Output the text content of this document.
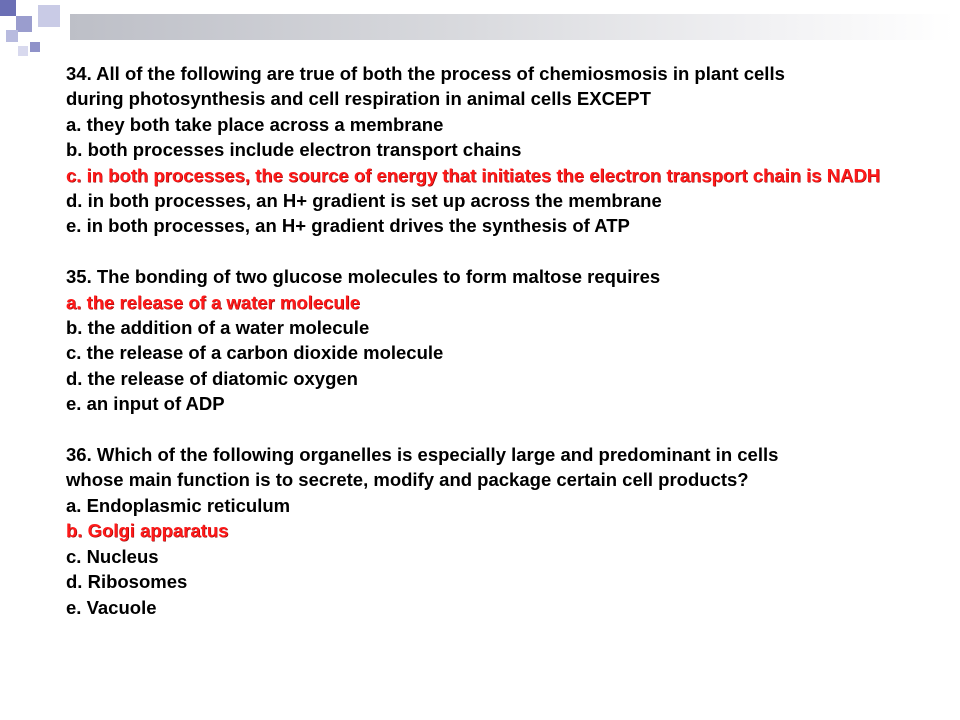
34. All of the following are true of both the process of chemiosmosis in plant cells
during photosynthesis and cell respiration in animal cells EXCEPT
a. they both take place across a membrane
b. both processes include electron transport chains
c. in both processes, the source of energy that initiates the electron transport chain is NADH
d. in both processes, an H+ gradient is set up across the membrane
e. in both processes, an H+ gradient drives the synthesis of ATP
35. The bonding of two glucose molecules to form maltose requires
a. the release of a water molecule
b. the addition of a water molecule
c. the release of a carbon dioxide molecule
d. the release of diatomic oxygen
e. an input of ADP
36. Which of the following organelles is especially large and predominant in cells
whose main function is to secrete, modify and package certain cell products?
a. Endoplasmic reticulum
b. Golgi apparatus
c. Nucleus
d. Ribosomes
e. Vacuole
